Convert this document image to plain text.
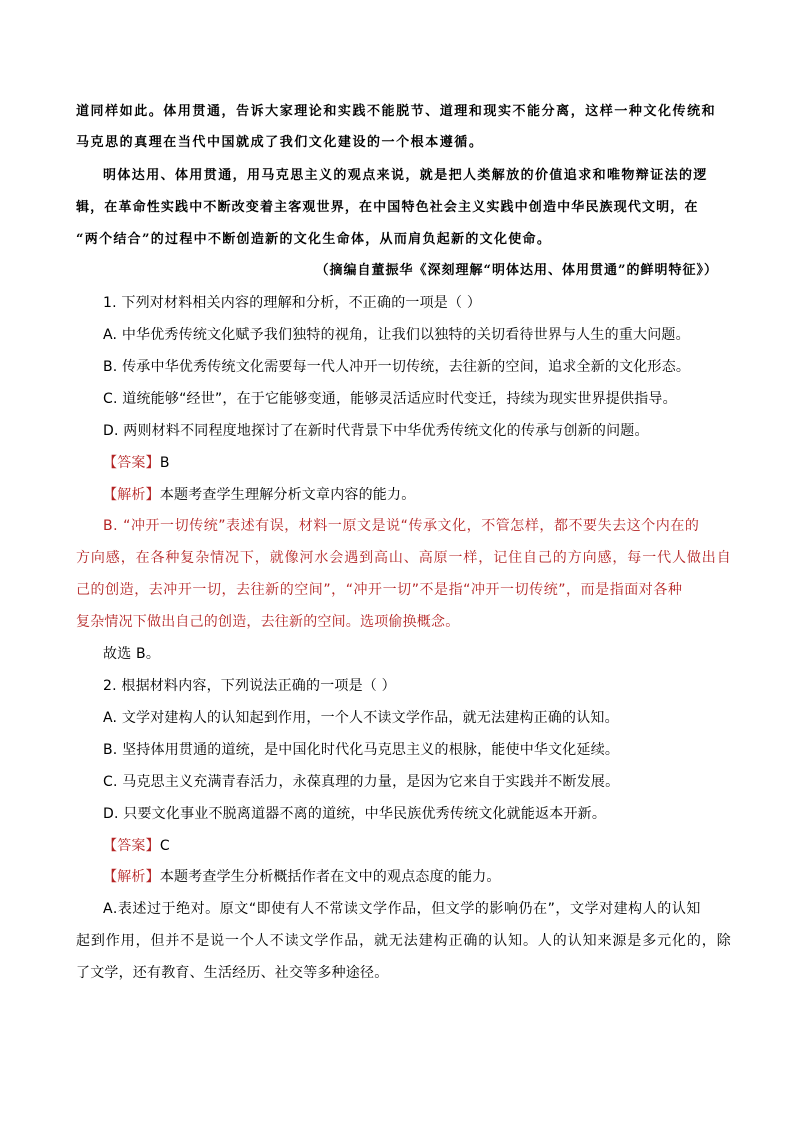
道同样如此。体用贯通，告诉大家理论和实践不能脱节、道理和现实不能分离，这样一种文化传统和
马克思的真理在当代中国就成了我们文化建设的一个根本遵循。
明体达用、体用贯通，用马克思主义的观点来说，就是把人类解放的价值追求和唯物辩证法的逻
辑，在革命性实践中不断改变着主客观世界，在中国特色社会主义实践中创造中华民族现代文明，在
“两个结合”的过程中不断创造新的文化生命体，从而肩负起新的文化使命。
（摘编自董振华《深刻理解“明体达用、体用贯通”的鲜明特征》）
1. 下列对材料相关内容的理解和分析，不正确的一项是（ ）
A. 中华优秀传统文化赋予我们独特的视角，让我们以独特的关切看待世界与人生的重大问题。
B. 传承中华优秀传统文化需要每一代人冲开一切传统，去往新的空间，追求全新的文化形态。
C. 道统能够“经世”，在于它能够变通，能够灵活适应时代变迁，持续为现实世界提供指导。
D. 两则材料不同程度地探讨了在新时代背景下中华优秀传统文化的传承与创新的问题。
【答案】B
【解析】本题考查学生理解分析文章内容的能力。
B. “冲开一切传统”表述有误，材料一原文是说“传承文化，不管怎样，都不要失去这个内在的
方向感，在各种复杂情况下，就像河水会遇到高山、高原一样，记住自己的方向感，每一代人做出自
己的创造，去冲开一切，去往新的空间”，“冲开一切”不是指“冲开一切传统”，而是指面对各种
复杂情况下做出自己的创造，去往新的空间。选项偷换概念。
故选 B。
2. 根据材料内容，下列说法正确的一项是（ ）
A. 文学对建构人的认知起到作用，一个人不读文学作品，就无法建构正确的认知。
B. 坚持体用贯通的道统，是中国化时代化马克思主义的根脉，能使中华文化延续。
C. 马克思主义充满青春活力，永葆真理的力量，是因为它来自于实践并不断发展。
D. 只要文化事业不脱离道器不离的道统，中华民族优秀传统文化就能返本开新。
【答案】C
【解析】本题考查学生分析概括作者在文中的观点态度的能力。
A.表述过于绝对。原文“即使有人不常读文学作品，但文学的影响仍在”，文学对建构人的认知
起到作用，但并不是说一个人不读文学作品，就无法建构正确的认知。人的认知来源是多元化的，除
了文学，还有教育、生活经历、社交等多种途径。
